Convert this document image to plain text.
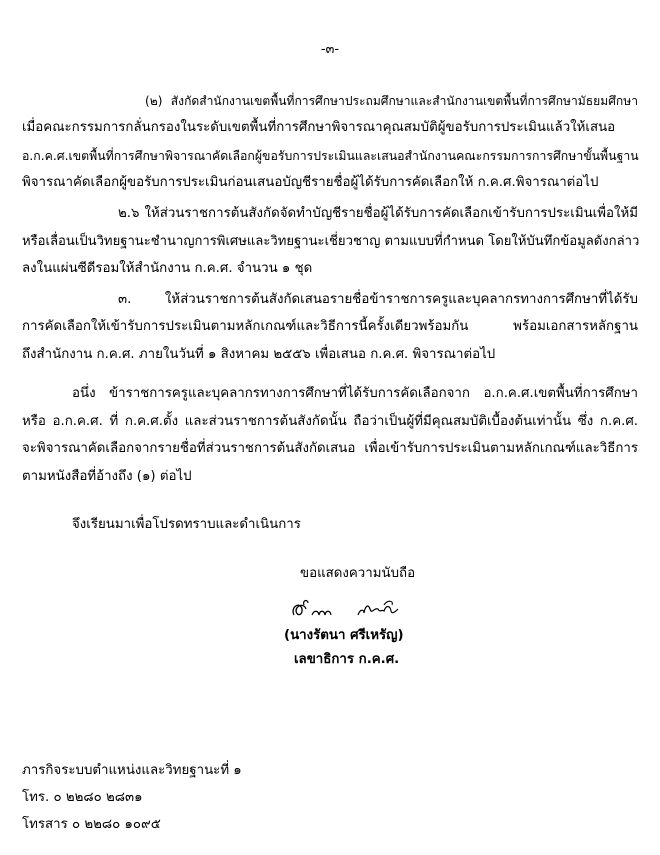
-๓-
(๒) สังกัดสำนักงานเขตพื้นที่การศึกษาประถมศึกษาและสำนักงานเขตพื้นที่การศึกษามัธยมศึกษา
เมื่อคณะกรรมการกลั่นกรองในระดับเขตพื้นที่การศึกษาพิจารณาคุณสมบัติผู้ขอรับการประเมินแล้วให้เสนอ
อ.ก.ค.ศ.เขตพื้นที่การศึกษาพิจารณาคัดเลือกผู้ขอรับการประเมินและเสนอสำนักงานคณะกรรมการการศึกษาขั้นพื้นฐาน
พิจารณาคัดเลือกผู้ขอรับการประเมินก่อนเสนอบัญชีรายชื่อผู้ได้รับการคัดเลือกให้ ก.ค.ศ.พิจารณาต่อไป
๒.๖ ให้ส่วนราชการต้นสังกัดจัดทำบัญชีรายชื่อผู้ได้รับการคัดเลือกเข้ารับการประเมินเพื่อให้มี
หรือเลื่อนเป็นวิทยฐานะชำนาญการพิเศษและวิทยฐานะเชี่ยวชาญ ตามแบบที่กำหนด โดยให้บันทึกข้อมูลดังกล่าว
ลงในแผ่นซีดีรอมให้สำนักงาน ก.ค.ศ. จำนวน ๑ ชุด
๓. ให้ส่วนราชการต้นสังกัดเสนอรายชื่อข้าราชการครูและบุคลากรทางการศึกษาที่ได้รับ
การคัดเลือกให้เข้ารับการประเมินตามหลักเกณฑ์และวิธีการนี้ครั้งเดียวพร้อมกัน พร้อมเอกสารหลักฐาน
ถึงสำนักงาน ก.ค.ศ. ภายในวันที่ ๑ สิงหาคม ๒๕๕๖ เพื่อเสนอ ก.ค.ศ. พิจารณาต่อไป
อนึ่ง ข้าราชการครูและบุคลากรทางการศึกษาที่ได้รับการคัดเลือกจาก อ.ก.ค.ศ.เขตพื้นที่การศึกษา
หรือ อ.ก.ค.ศ. ที่ ก.ค.ศ.ตั้ง และส่วนราชการต้นสังกัดนั้น ถือว่าเป็นผู้ที่มีคุณสมบัติเบื้องต้นเท่านั้น ซึ่ง ก.ค.ศ.
จะพิจารณาคัดเลือกจากรายชื่อที่ส่วนราชการต้นสังกัดเสนอ เพื่อเข้ารับการประเมินตามหลักเกณฑ์และวิธีการ
ตามหนังสือที่อ้างถึง (๑) ต่อไป
จึงเรียนมาเพื่อโปรดทราบและดำเนินการ
ขอแสดงความนับถือ
(นางรัตนา ศรีเหรัญ)
เลขาธิการ ก.ค.ศ.
ภารกิจระบบตำแหน่งและวิทยฐานะที่ ๑
โทร. ๐ ๒๒๘๐ ๒๘๓๑
โทรสาร ๐ ๒๒๘๐ ๑๐๙๕
